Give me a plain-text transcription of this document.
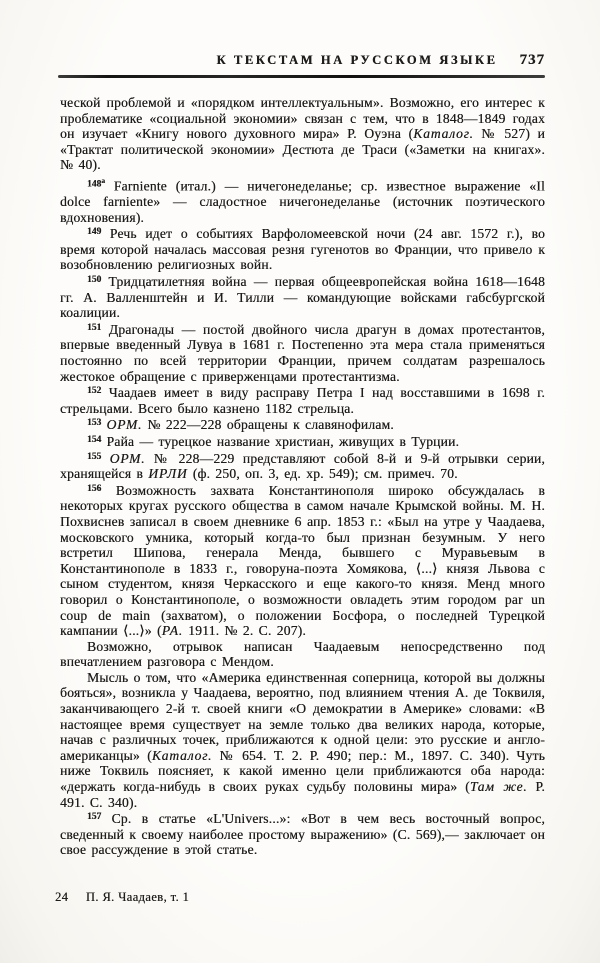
К ТЕКСТАМ НА РУССКОМ ЯЗЫКЕ 737

ческой проблемой и «порядком интеллектуальным». Возможно, его интерес к проблематике «социальной экономии» связан с тем, что в 1848—1849 годах он изучает «Книгу нового духовного мира» Р. Оуэна (Каталог. № 527) и «Трактат политической экономии» Дестюта де Траси («Заметки на книгах». № 40).

$^{148а}$ Farniente (итал.) — ничегонеделанье; ср. известное выражение «Il dolce farniente» — сладостное ничегонеделанье (источник поэтического вдохновения).

$^{149}$ Речь идет о событиях Варфоломеевской ночи (24 авг. 1572 г.), во время которой началась массовая резня гугенотов во Франции, что привело к возобновлению религиозных войн.

$^{150}$ Тридцатилетняя война — первая общеевропейская война 1618—1648 гг. А. Валленштейн и И. Тилли — командующие войсками габсбургской коалиции.

$^{151}$ Драгонады — постой двойного числа драгун в домах протестантов, впервые введенный Лувуа в 1681 г. Постепенно эта мера стала применяться постоянно по всей территории Франции, причем солдатам разрешалось жестокое обращение с приверженцами протестантизма.

$^{152}$ Чаадаев имеет в виду расправу Петра I над восставшими в 1698 г. стрельцами. Всего было казнено 1182 стрельца.

$^{153}$ ОРМ. № 222—228 обращены к славянофилам.

$^{154}$ Райа — турецкое название христиан, живущих в Турции.

$^{155}$ ОРМ. № 228—229 представляют собой 8-й и 9-й отрывки серии, хранящейся в ИРЛИ (ф. 250, оп. 3, ед. хр. 549); см. примеч. 70.

$^{156}$ Возможность захвата Константинополя широко обсуждалась в некоторых кругах русского общества в самом начале Крымской войны. М. Н. Похвиснев записал в своем дневнике 6 апр. 1853 г.: «Был на утре у Чаадаева, московского умника, который когда-то был признан безумным. У него встретил Шипова, генерала Менда, бывшего с Муравьевым в Константинополе в 1833 г., говоруна-поэта Хомякова, ⟨...⟩ князя Львова с сыном студентом, князя Черкасского и еще какого-то князя. Менд много говорил о Константинополе, о возможности овладеть этим городом par un coup de main (захватом), о положении Босфора, о последней Турецкой кампании ⟨...⟩» (РА. 1911. № 2. С. 207).

Возможно, отрывок написан Чаадаевым непосредственно под впечатлением разговора с Мендом.

Мысль о том, что «Америка единственная соперница, которой вы должны бояться», возникла у Чаадаева, вероятно, под влиянием чтения А. де Токвиля, заканчивающего 2-й т. своей книги «О демократии в Америке» словами: «В настоящее время существует на земле только два великих народа, которые, начав с различных точек, приближаются к одной цели: это русские и англо-американцы» (Каталог. № 654. Т. 2. Р. 490; пер.: М., 1897. С. 340). Чуть ниже Токвиль поясняет, к какой именно цели приближаются оба народа: «держать когда-нибудь в своих руках судьбу половины мира» (Там же. Р. 491. С. 340).

$^{157}$ Ср. в статье «L'Univers...»: «Вот в чем весь восточный вопрос, сведенный к своему наиболее простому выражению» (С. 569),— заключает он свое рассуждение в этой статье.

24 П. Я. Чаадаев, т. 1
